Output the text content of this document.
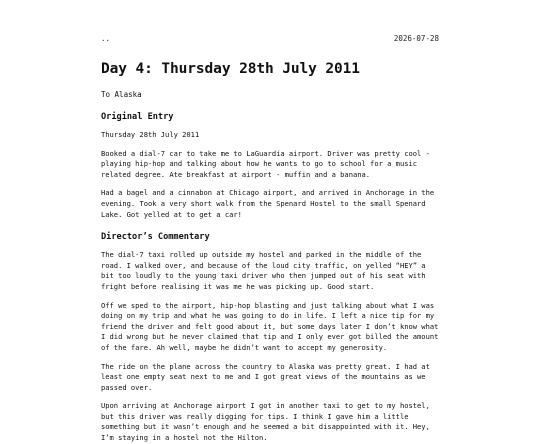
..	2026-07-28
Day 4: Thursday 28th July 2011

To Alaska

Original Entry

Thursday 28th July 2011

Booked a dial-7 car to take me to LaGuardia airport. Driver was pretty cool - playing hip-hop and talking about how he wants to go to school for a music related degree. Ate breakfast at airport - muffin and a banana.

Had a bagel and a cinnabon at Chicago airport, and arrived in Anchorage in the evening. Took a very short walk from the Spenard Hostel to the small Spenard Lake. Got yelled at to get a car!

Director’s Commentary

The dial-7 taxi rolled up outside my hostel and parked in the middle of the road. I walked over, and because of the loud city traffic, on yelled “HEY” a bit too loudly to the young taxi driver who then jumped out of his seat with fright before realising it was me he was picking up. Good start.

Off we sped to the airport, hip-hop blasting and just talking about what I was doing on my trip and what he was going to do in life. I left a nice tip for my friend the driver and felt good about it, but some days later I don’t know what I did wrong but he never claimed that tip and I only ever got billed the amount of the fare. Ah well, maybe he didn’t want to accept my generosity.

The ride on the plane across the country to Alaska was pretty great. I had at least one empty seat next to me and I got great views of the mountains as we passed over.

Upon arriving at Anchorage airport I got in another taxi to get to my hostel, but this driver was really digging for tips. I think I gave him a little something but it wasn’t enough and he seemed a bit disappointed with it. Hey, I’m staying in a hostel not the Hilton.
